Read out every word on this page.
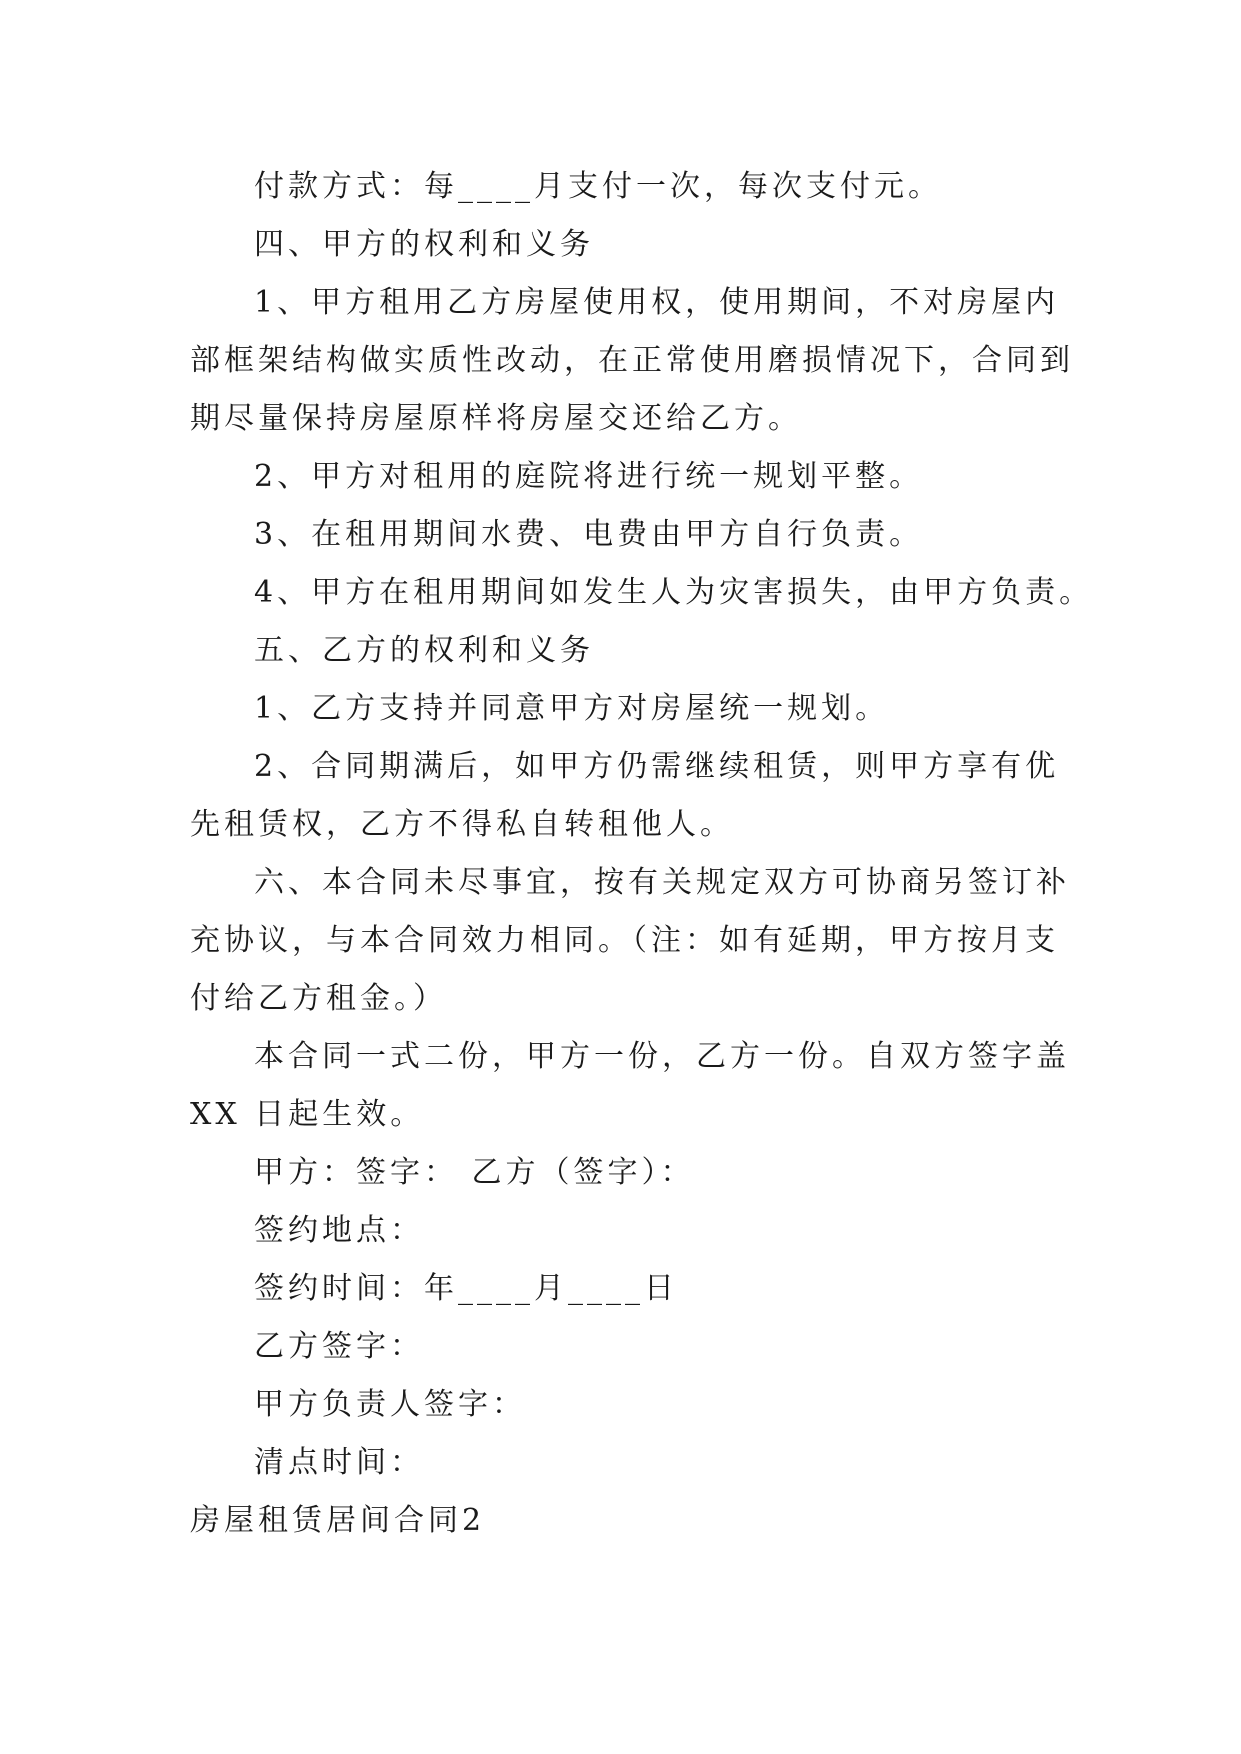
付款方式：每____月支付一次，每次支付元。
四、甲方的权利和义务
1、甲方租用乙方房屋使用权，使用期间，不对房屋内
部框架结构做实质性改动，在正常使用磨损情况下，合同到
期尽量保持房屋原样将房屋交还给乙方。
2、甲方对租用的庭院将进行统一规划平整。
3、在租用期间水费、电费由甲方自行负责。
4、甲方在租用期间如发生人为灾害损失，由甲方负责。
五、乙方的权利和义务
1、乙方支持并同意甲方对房屋统一规划。
2、合同期满后，如甲方仍需继续租赁，则甲方享有优
先租赁权，乙方不得私自转租他人。
六、本合同未尽事宜，按有关规定双方可协商另签订补
充协议，与本合同效力相同。（注：如有延期，甲方按月支
付给乙方租金。）
本合同一式二份，甲方一份，乙方一份。自双方签字盖
XX 日起生效。
甲方：签字： 乙方（签字）：
签约地点：
签约时间：年____月____日
乙方签字：
甲方负责人签字：
清点时间：
房屋租赁居间合同2
